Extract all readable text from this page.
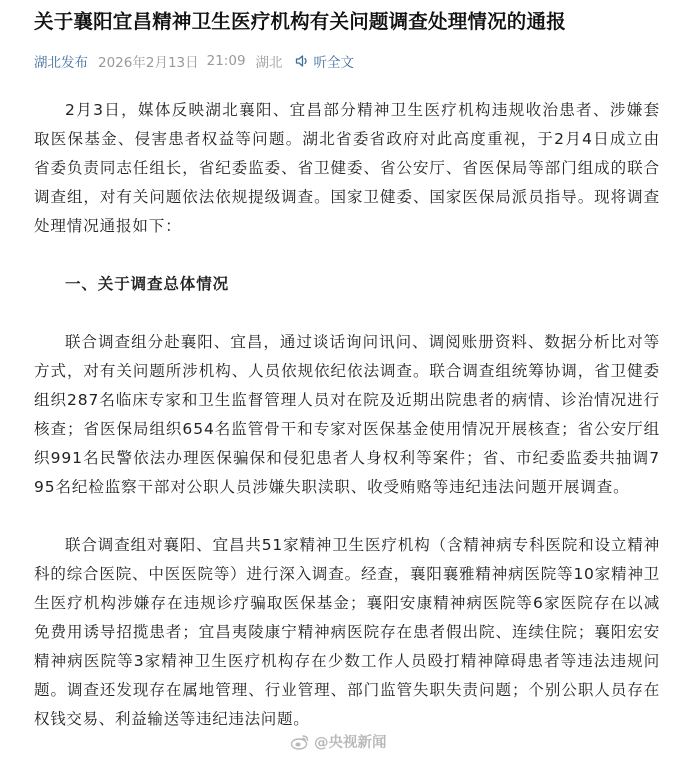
关于襄阳宜昌精神卫生医疗机构有关问题调查处理情况的通报
湖北发布 2026年2月13日 21:09 湖北 听全文

2月3日，媒体反映湖北襄阳、宜昌部分精神卫生医疗机构违规收治患者、涉嫌套取医保基金、侵害患者权益等问题。湖北省委省政府对此高度重视，于2月4日成立由省委负责同志任组长，省纪委监委、省卫健委、省公安厅、省医保局等部门组成的联合调查组，对有关问题依法依规提级调查。国家卫健委、国家医保局派员指导。现将调查处理情况通报如下：

一、关于调查总体情况

联合调查组分赴襄阳、宜昌，通过谈话询问讯问、调阅账册资料、数据分析比对等方式，对有关问题所涉机构、人员依规依纪依法调查。联合调查组统筹协调，省卫健委组织287名临床专家和卫生监督管理人员对在院及近期出院患者的病情、诊治情况进行核查；省医保局组织654名监管骨干和专家对医保基金使用情况开展核查；省公安厅组织991名民警依法办理医保骗保和侵犯患者人身权利等案件；省、市纪委监委共抽调795名纪检监察干部对公职人员涉嫌失职渎职、收受贿赂等违纪违法问题开展调查。

联合调查组对襄阳、宜昌共51家精神卫生医疗机构（含精神病专科医院和设立精神科的综合医院、中医医院等）进行深入调查。经查，襄阳襄雅精神病医院等10家精神卫生医疗机构涉嫌存在违规诊疗骗取医保基金；襄阳安康精神病医院等6家医院存在以减免费用诱导招揽患者；宜昌夷陵康宁精神病医院存在患者假出院、连续住院；襄阳宏安精神病医院等3家精神卫生医疗机构存在少数工作人员殴打精神障碍患者等违法违规问题。调查还发现存在属地管理、行业管理、部门监管失职失责问题；个别公职人员存在权钱交易、利益输送等违纪违法问题。

@央视新闻
